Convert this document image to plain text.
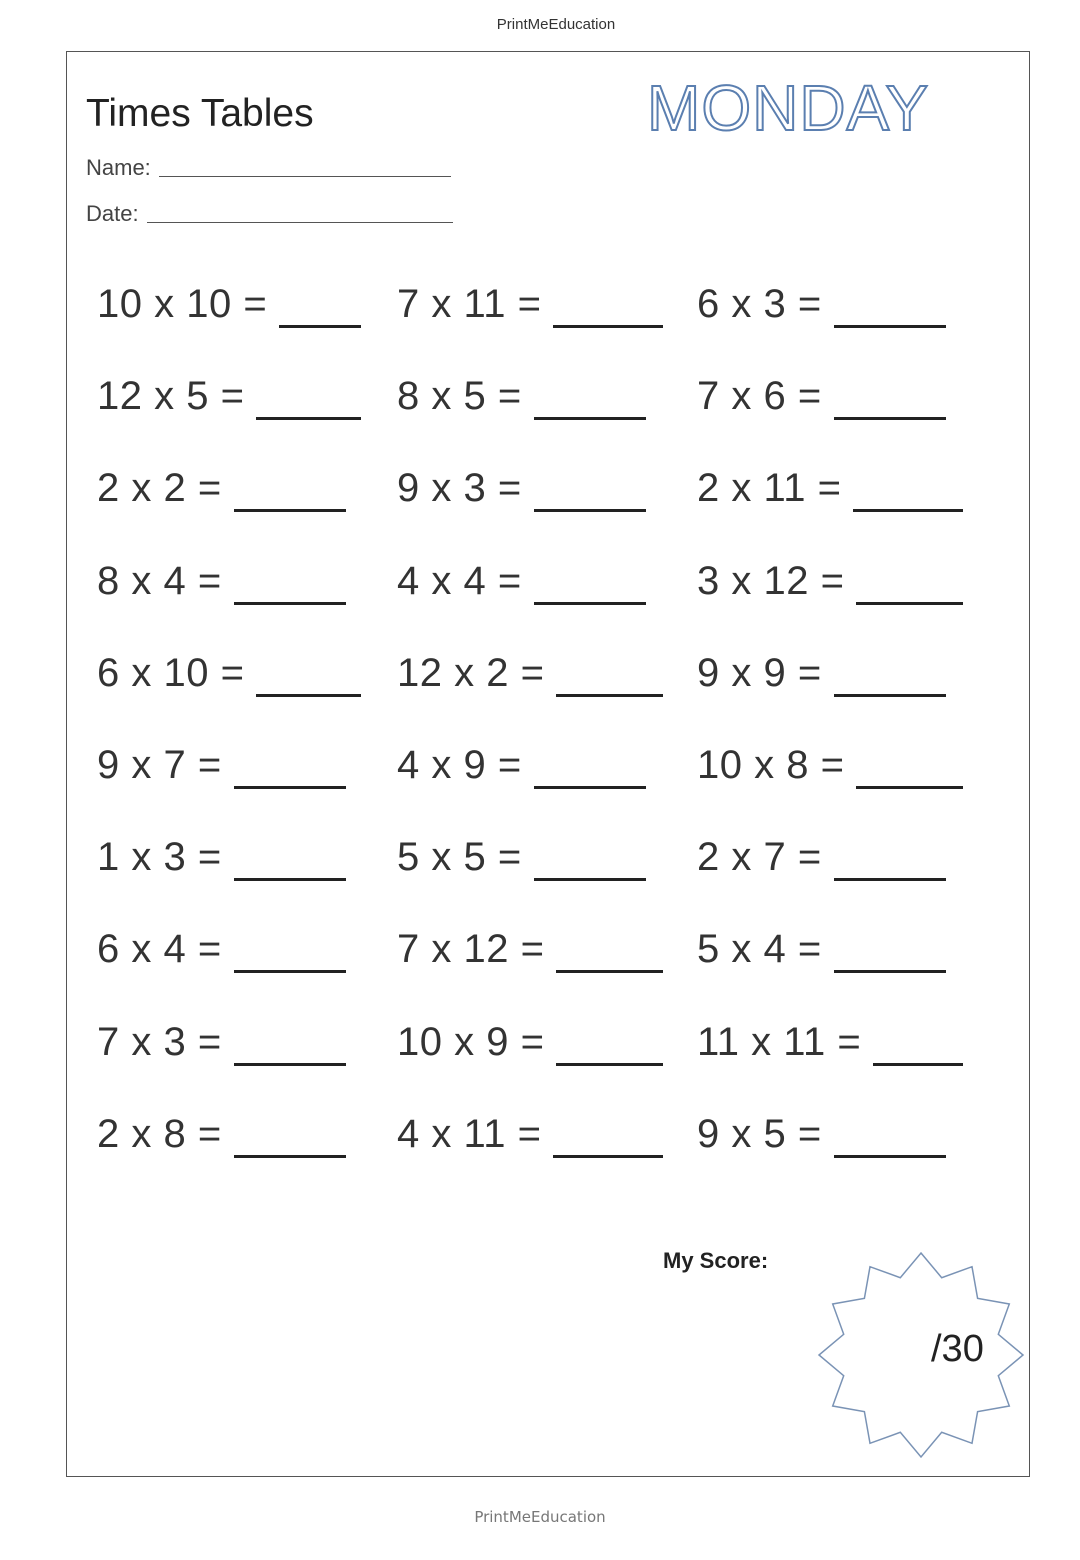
PrintMeEducation
Times Tables	MONDAY
Name:
Date:
10 x 10 =	7 x 11 =	6 x 3 =
12 x 5 =	8 x 5 =	7 x 6 =
2 x 2 =	9 x 3 =	2 x 11 =
8 x 4 =	4 x 4 =	3 x 12 =
6 x 10 =	12 x 2 =	9 x 9 =
9 x 7 =	4 x 9 =	10 x 8 =
1 x 3 =	5 x 5 =	2 x 7 =
6 x 4 =	7 x 12 =	5 x 4 =
7 x 3 =	10 x 9 =	11 x 11 =
2 x 8 =	4 x 11 =	9 x 5 =
My Score:
/30
PrintMeEducation
